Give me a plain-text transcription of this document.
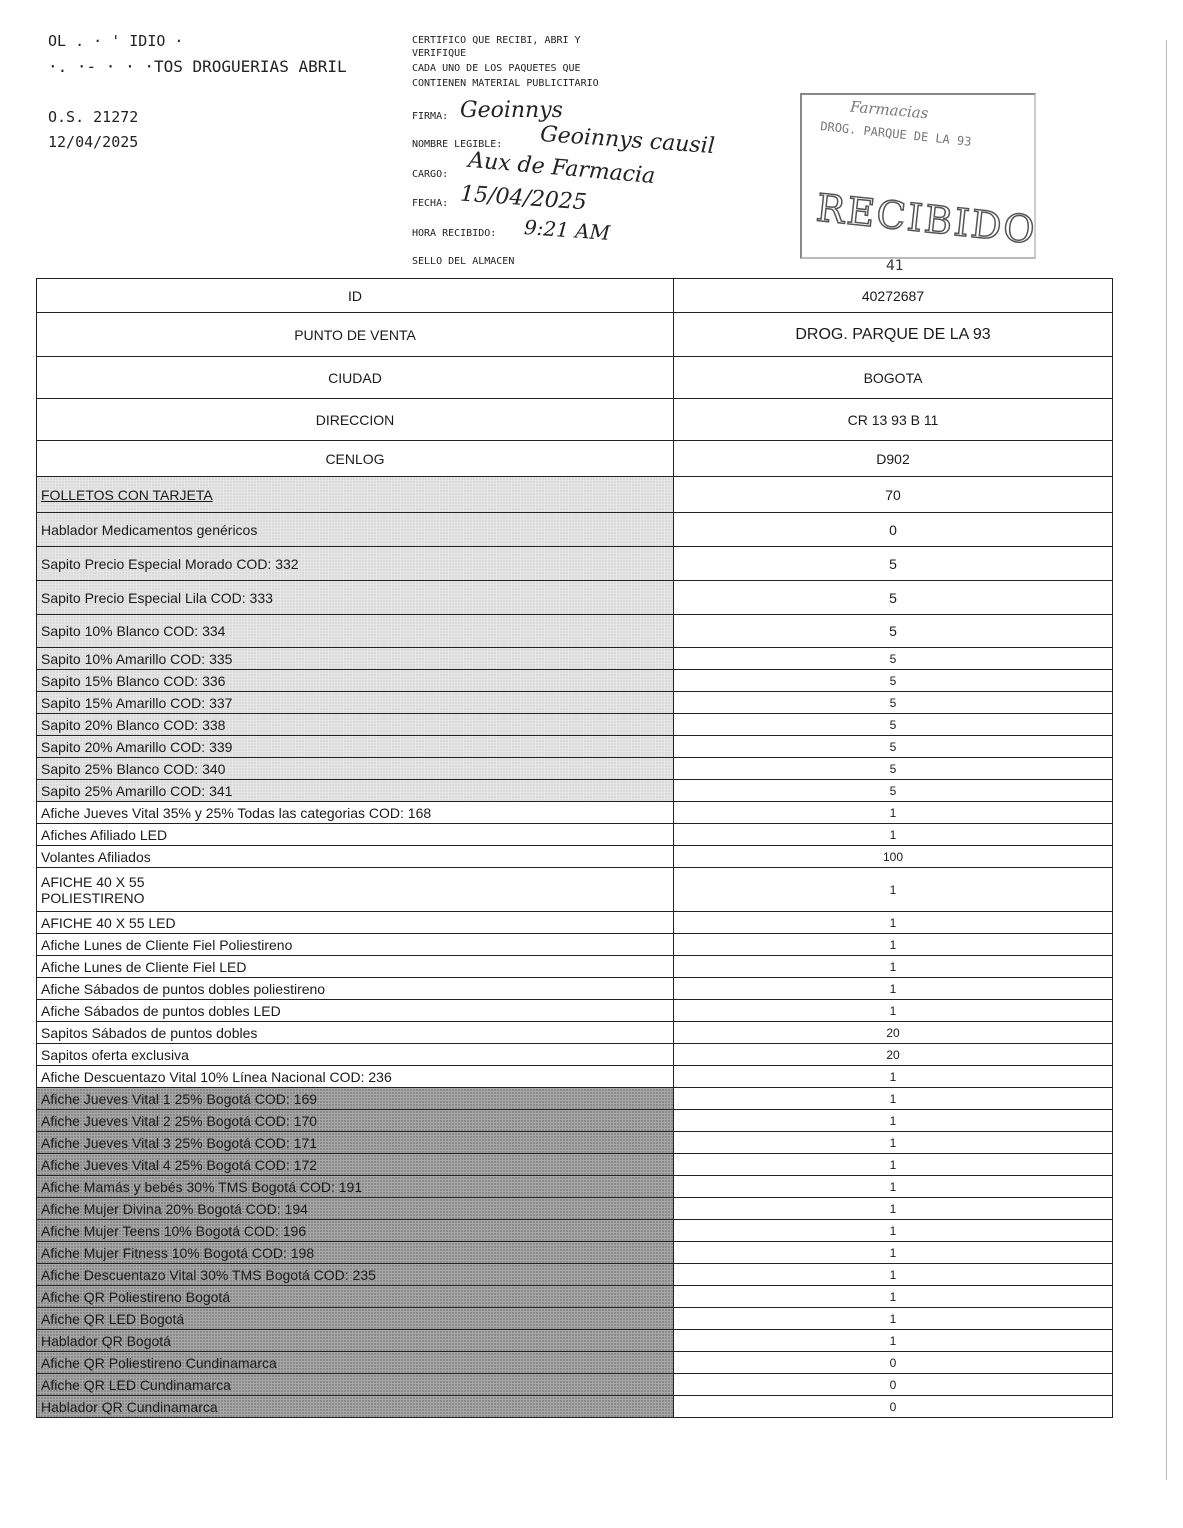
OL . · ' IDIO ·
·. ·- · · ·TOS DROGUERIAS ABRIL
O.S. 21272
12/04/2025
CERTIFICO QUE RECIBI, ABRI Y
VERIFIQUE
CADA UNO DE LOS PAQUETES QUE
CONTIENEN MATERIAL PUBLICITARIO
FIRMA: Geoinnys
NOMBRE LEGIBLE: Geoinnys causil
CARGO: Aux de Farmacia
FECHA: 15/04/2025
HORA RECIBIDO: 9:21 AM
SELLO DEL ALMACEN
Farmacias
DROG. PARQUE DE LA 93
RECIBIDO
41
ID	40272687
PUNTO DE VENTA	DROG. PARQUE DE LA 93
CIUDAD	BOGOTA
DIRECCION	CR 13 93 B 11
CENLOG	D902
FOLLETOS CON TARJETA	70
Hablador Medicamentos genéricos	0
Sapito Precio Especial Morado COD: 332	5
Sapito Precio Especial Lila COD: 333	5
Sapito 10% Blanco COD: 334	5
Sapito 10% Amarillo COD: 335	5
Sapito 15% Blanco COD: 336	5
Sapito 15% Amarillo COD: 337	5
Sapito 20% Blanco COD: 338	5
Sapito 20% Amarillo COD: 339	5
Sapito 25% Blanco COD: 340	5
Sapito 25% Amarillo COD: 341	5
Afiche Jueves Vital 35% y 25% Todas las categorias COD: 168	1
Afiches Afiliado LED	1
Volantes Afiliados	100
AFICHE 40 X 55
POLIESTIRENO	1
AFICHE 40 X 55 LED	1
Afiche Lunes de Cliente Fiel Poliestireno	1
Afiche Lunes de Cliente Fiel LED	1
Afiche Sábados de puntos dobles poliestireno	1
Afiche Sábados de puntos dobles LED	1
Sapitos Sábados de puntos dobles	20
Sapitos oferta exclusiva	20
Afiche Descuentazo Vital 10% Línea Nacional COD: 236	1
Afiche Jueves Vital 1 25% Bogotá COD: 169	1
Afiche Jueves Vital 2 25% Bogotá COD: 170	1
Afiche Jueves Vital 3 25% Bogotá COD: 171	1
Afiche Jueves Vital 4 25% Bogotá COD: 172	1
Afiche Mamás y bebés 30% TMS Bogotá COD: 191	1
Afiche Mujer Divina 20% Bogotá COD: 194	1
Afiche Mujer Teens 10% Bogotá COD: 196	1
Afiche Mujer Fitness 10% Bogotá COD: 198	1
Afiche Descuentazo Vital 30% TMS Bogotá COD: 235	1
Afiche QR Poliestireno Bogotá	1
Afiche QR LED Bogotá	1
Hablador QR Bogotá	1
Afiche QR Poliestireno Cundinamarca	0
Afiche QR LED Cundinamarca	0
Hablador QR Cundinamarca	0
